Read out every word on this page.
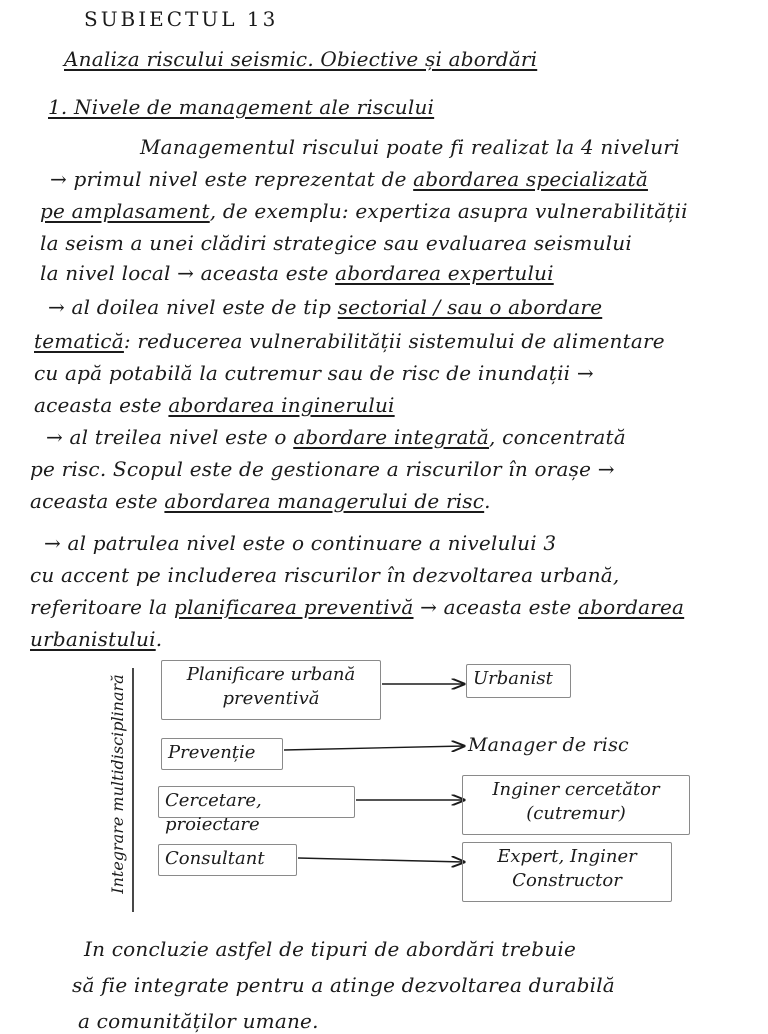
SUBIECTUL 13
Analiza riscului seismic. Obiective și abordări
1. Nivele de management ale riscului
Managementul riscului poate fi realizat la 4 niveluri
→ primul nivel este reprezentat de abordarea specializată
pe amplasament, de exemplu: expertiza asupra vulnerabilității
la seism a unei clădiri strategice sau evaluarea seismului
la nivel local → aceasta este abordarea expertului
→ al doilea nivel este de tip sectorial / sau o abordare
tematică: reducerea vulnerabilității sistemului de alimentare
cu apă potabilă la cutremur sau de risc de inundații →
aceasta este abordarea inginerului
→ al treilea nivel este o abordare integrată, concentrată
pe risc. Scopul este de gestionare a riscurilor în orașe →
aceasta este abordarea managerului de risc.
→ al patrulea nivel este o continuare a nivelului 3
cu accent pe includerea riscurilor în dezvoltarea urbană,
referitoare la planificarea preventivă → aceasta este abordarea
urbanistului.
Integrare multidisciplinară	Planificare urbană preventivă
Prevenție
Cercetare, proiectare
Consultant
Urbanist
Manager de risc
Inginer cercetător (cutremur)
Expert, Inginer Constructor
In concluzie astfel de tipuri de abordări trebuie
să fie integrate pentru a atinge dezvoltarea durabilă
a comunităților umane.
